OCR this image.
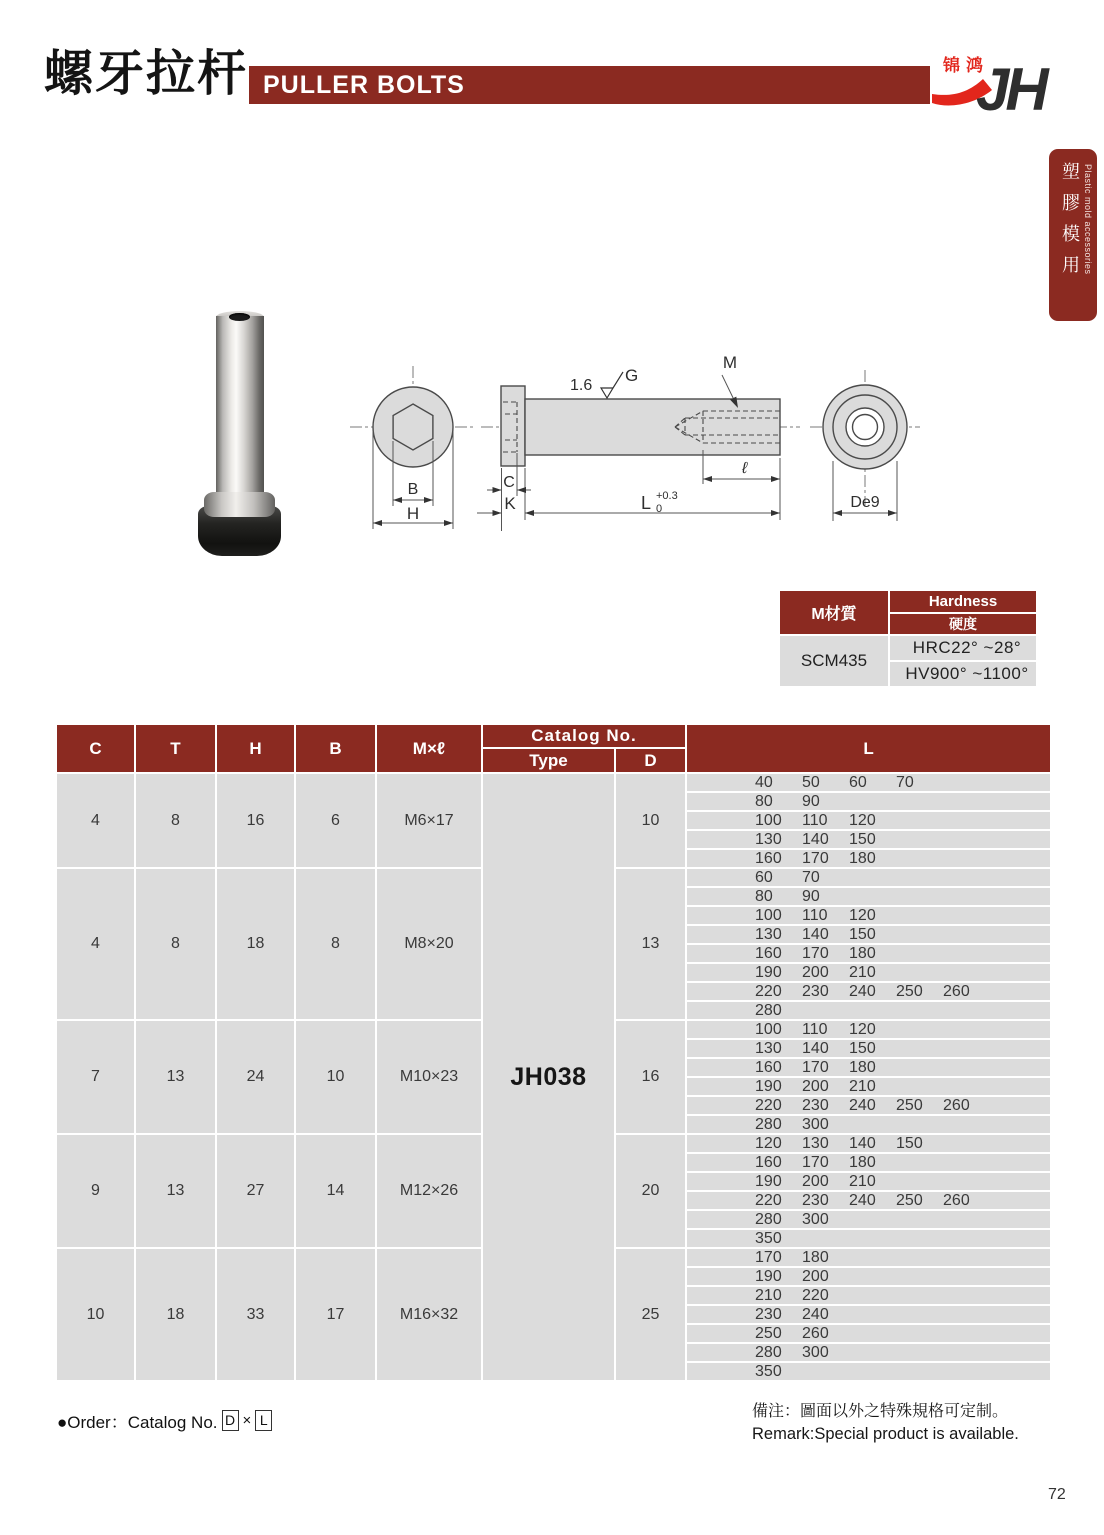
螺牙拉杆 PULLER BOLTS	JH
锦鸿
塑膠模用 Plastic mold accessories
B
H
1.6
G
M
C
K	L +0.3
0
ℓ
De9
M材質	Hardness
	硬度
SCM435	HRC22° ~28°
	HV900° ~1100°
C	T	H	B	M×ℓ	Catalog No.		L
					Type	D	
4	8	16	6	M6×17	JH038	10	40 50 60 70
							80 90
							100 110 120
							130 140 150
							160 170 180
4	8	18	8	M8×20		13	60 70
							80 90
							100 110 120
							130 140 150
							160 170 180
							190 200 210
							220 230 240 250 260
							280
7	13	24	10	M10×23		16	100 110 120
							130 140 150
							160 170 180
							190 200 210
							220 230 240 250 260
							280 300
9	13	27	14	M12×26		20	120 130 140 150
							160 170 180
							190 200 210
							220 230 240 250 260
							280 300
							350
10	18	33	17	M16×32		25	170 180
							190 200
							210 220
							230 240
							250 260
							280 300
							350
●Order：Catalog No. D × L	備注：圖面以外之特殊規格可定制。
Remark:Special product is available.
72
